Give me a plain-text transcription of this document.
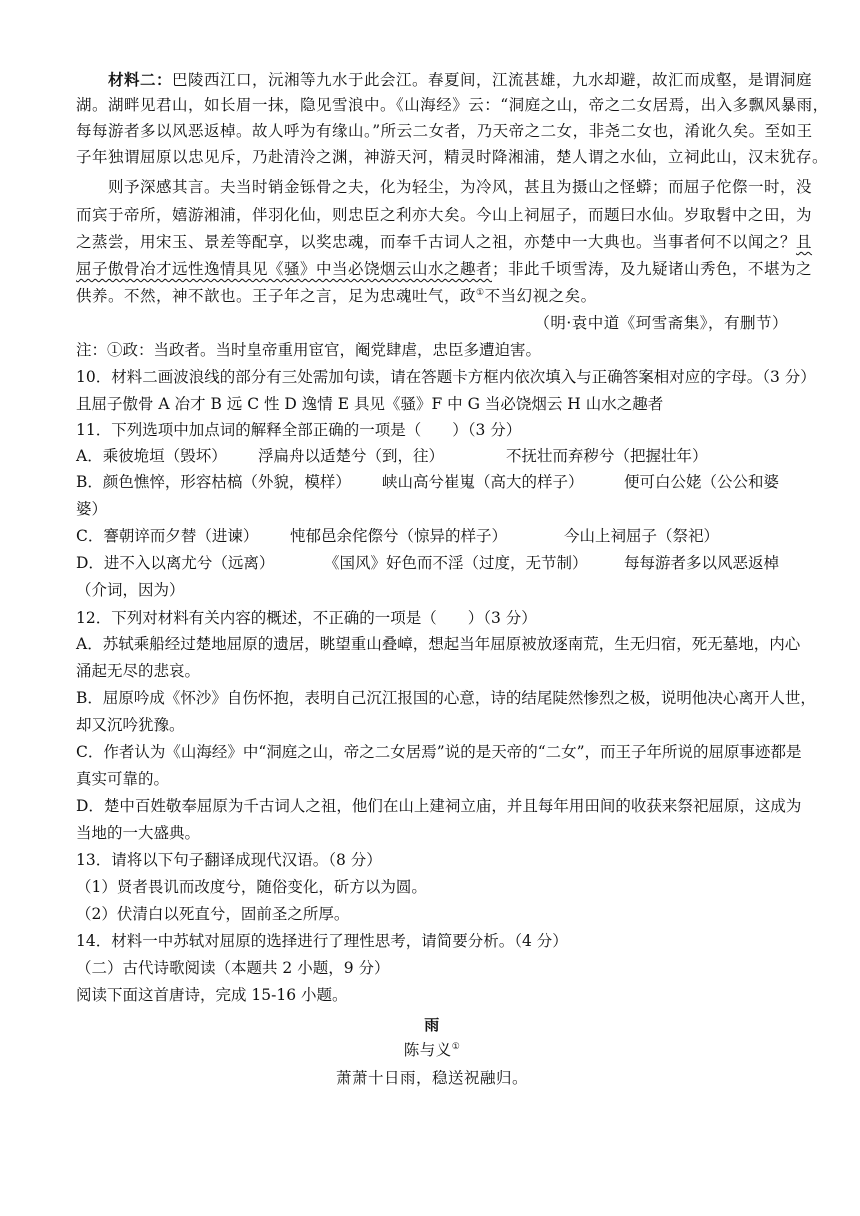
材料二：巴陵西江口，沅湘等九水于此会江。春夏间，江流甚雄，九水却避，故汇而成壑，是谓洞庭
湖。湖畔见君山，如长眉一抹，隐见雪浪中。《山海经》云：“洞庭之山，帝之二女居焉，出入多飘风暴雨，
每每游者多以风恶返棹。故人呼为有缘山。”所云二女者，乃天帝之二女，非尧二女也，淆讹久矣。至如王
子年独谓屈原以忠见斥，乃赴清泠之渊，神游天河，精灵时降湘浦，楚人谓之水仙，立祠此山，汉末犹存。
则予深感其言。夫当时销金铄骨之夫，化为轻尘，为冷风，甚且为摄山之怪蟒；而屈子佗傺一时，没
而宾于帝所，嬉游湘浦，伴羽化仙，则忠臣之利亦大矣。今山上祠屈子，而题曰水仙。岁取髫中之田，为
之蒸尝，用宋玉、景差等配享，以奖忠魂，而奉千古词人之祖，亦楚中一大典也。当事者何不以闻之？且
屈子傲骨冶才远性逸情具见《骚》中当必饶烟云山水之趣者；非此千顷雪涛，及九疑诸山秀色，不堪为之
供养。不然，神不歆也。王子年之言，足为忠魂吐气，政①不当幻视之矣。
（明·袁中道《珂雪斋集》，有删节）
注：①政：当政者。当时皇帝重用宦官，阉党肆虐，忠臣多遭迫害。
10．材料二画波浪线的部分有三处需加句读，请在答题卡方框内依次填入与正确答案相对应的字母。（3 分）
且屈子傲骨 A 冶才 B 远 C 性 D 逸情 E 具见《骚》F 中 G 当必饶烟云 H 山水之趣者
11．下列选项中加点词的解释全部正确的一项是（　　）（3 分）
A．乘彼垝垣（毁坏） 浮扁舟以适楚兮（到，往）	不抚壮而弃秽兮（把握壮年）

B．颜色憔悴，形容枯槁（外貌，模样） 峡山高兮崔嵬（高大的样子）	便可白公姥（公公和婆

婆）
C．謇朝谇而夕替（进谏） 忳郁邑余侘傺兮（惊异的样子）	今山上祠屈子（祭祀）

D．进不入以离尤兮（远离）	《国风》好色而不淫（过度，无节制） 每每游者多以风恶返棹

（介词，因为）
12．下列对材料有关内容的概述，不正确的一项是（　　）（3 分）
A．苏轼乘船经过楚地屈原的遗居，眺望重山叠嶂，想起当年屈原被放逐南荒，生无归宿，死无墓地，内心
涌起无尽的悲哀。
B．屈原吟成《怀沙》自伤怀抱，表明自己沉江报国的心意，诗的结尾陡然惨烈之极，说明他决心离开人世，
却又沉吟犹豫。
C．作者认为《山海经》中“洞庭之山，帝之二女居焉”说的是天帝的“二女”，而王子年所说的屈原事迹都是
真实可靠的。
D．楚中百姓敬奉屈原为千古词人之祖，他们在山上建祠立庙，并且每年用田间的收获来祭祀屈原，这成为
当地的一大盛典。
13．请将以下句子翻译成现代汉语。（8 分）
（1）贤者畏讥而改度兮，随俗变化，斫方以为圆。
（2）伏清白以死直兮，固前圣之所厚。
14．材料一中苏轼对屈原的选择进行了理性思考，请简要分析。（4 分）
（二）古代诗歌阅读（本题共 2 小题，9 分）
阅读下面这首唐诗，完成 15-16 小题。
雨
陈与义①
萧萧十日雨，稳送祝融归。
